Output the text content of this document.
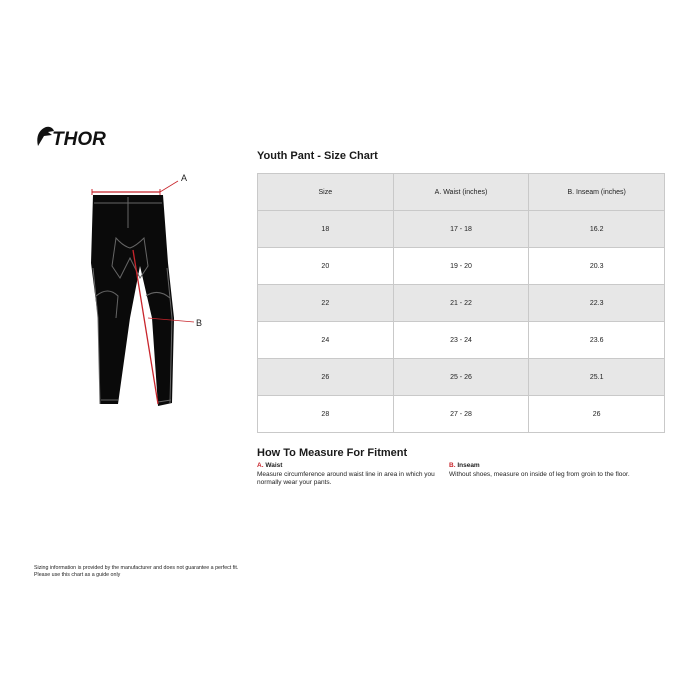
THOR
A
B
Youth Pant - Size Chart
Size	A. Waist (inches)	B. Inseam (inches)
18	17 - 18	16.2
20	19 - 20	20.3
22	21 - 22	22.3
24	23 - 24	23.6
26	25 - 26	25.1
28	27 - 28	26
How To Measure For Fitment
A. Waist
Measure circumference around waist line in area in which you normally wear your pants.
B. Inseam
Without shoes, measure on inside of leg from groin to the floor.
Sizing information is provided by the manufacturer and does not guarantee a perfect fit.
Please use this chart as a guide only
